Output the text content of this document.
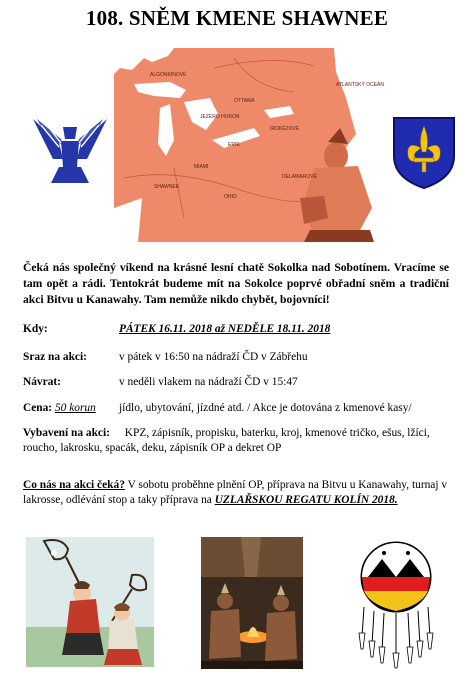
108. SNĚM KMENE SHAWNEE
ATLANTSKÝ OCEÁN
JEZERO HURON
ERIE
OHIO
OTTAWA
IROKÉZOVÉ
SHAWNEE
ALGONKINOVÉ
DELAWAROVÉ
MIAMI
Čeká nás společný víkend na krásné lesní chatě Sokolka nad Sobotínem. Vracíme se tam opět a rádi. Tentokrát budeme mít na Sokolce poprvé obřadní sněm a tradiční akci Bitvu u Kanawahy. Tam nemůže nikdo chybět, bojovníci!
Kdy:	PÁTEK 16.11. 2018 až NEDĚLE 18.11. 2018
Sraz na akci:	v pátek v 16:50 na nádraží ČD v Zábřehu
Návrat:	v neděli vlakem na nádraží ČD v 15:47
Cena: 50 korun jídlo, ubytování, jízdné atd. / Akce je dotována z kmenové kasy/
Vybavení na akci: KPZ, zápisník, propisku, baterku, kroj, kmenové tričko, ešus, lžíci, roucho, lakrosku, spacák, deku, zápisník OP a dekret OP
Co nás na akci čeká? V sobotu proběhne plnění OP, příprava na Bitvu u Kanawahy, turnaj v lakrosse, odlévání stop a taky příprava na UZLAŘSKOU REGATU KOLÍN 2018.
